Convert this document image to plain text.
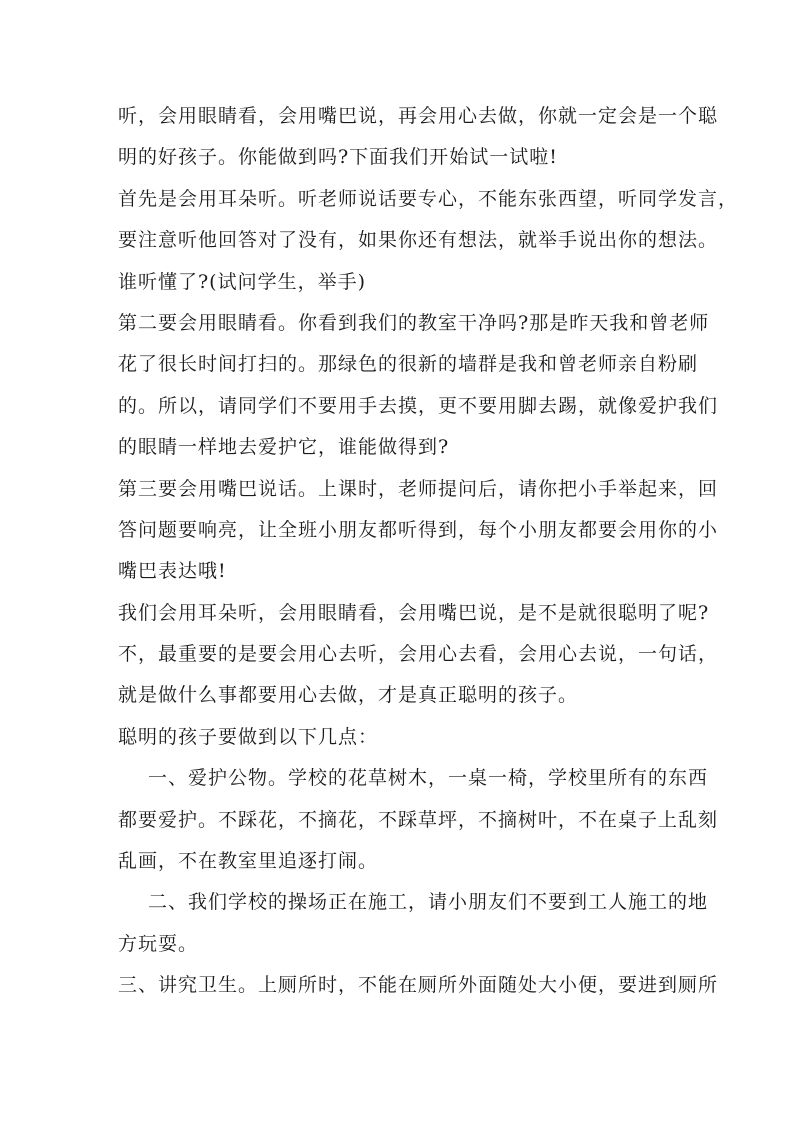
听，会用眼睛看，会用嘴巴说，再会用心去做，你就一定会是一个聪
明的好孩子。你能做到吗?下面我们开始试一试啦!
首先是会用耳朵听。听老师说话要专心，不能东张西望，听同学发言，
要注意听他回答对了没有，如果你还有想法，就举手说出你的想法。
谁听懂了?(试问学生，举手)
第二要会用眼睛看。你看到我们的教室干净吗?那是昨天我和曾老师
花了很长时间打扫的。那绿色的很新的墙群是我和曾老师亲自粉刷
的。所以，请同学们不要用手去摸，更不要用脚去踢，就像爱护我们
的眼睛一样地去爱护它，谁能做得到?
第三要会用嘴巴说话。上课时，老师提问后，请你把小手举起来，回
答问题要响亮，让全班小朋友都听得到，每个小朋友都要会用你的小
嘴巴表达哦!
我们会用耳朵听，会用眼睛看，会用嘴巴说，是不是就很聪明了呢?
不，最重要的是要会用心去听，会用心去看，会用心去说，一句话，
就是做什么事都要用心去做，才是真正聪明的孩子。
聪明的孩子要做到以下几点：
一、爱护公物。学校的花草树木，一桌一椅，学校里所有的东西
都要爱护。不踩花，不摘花，不踩草坪，不摘树叶，不在桌子上乱刻
乱画，不在教室里追逐打闹。
二、我们学校的操场正在施工，请小朋友们不要到工人施工的地
方玩耍。
三、讲究卫生。上厕所时，不能在厕所外面随处大小便，要进到厕所
